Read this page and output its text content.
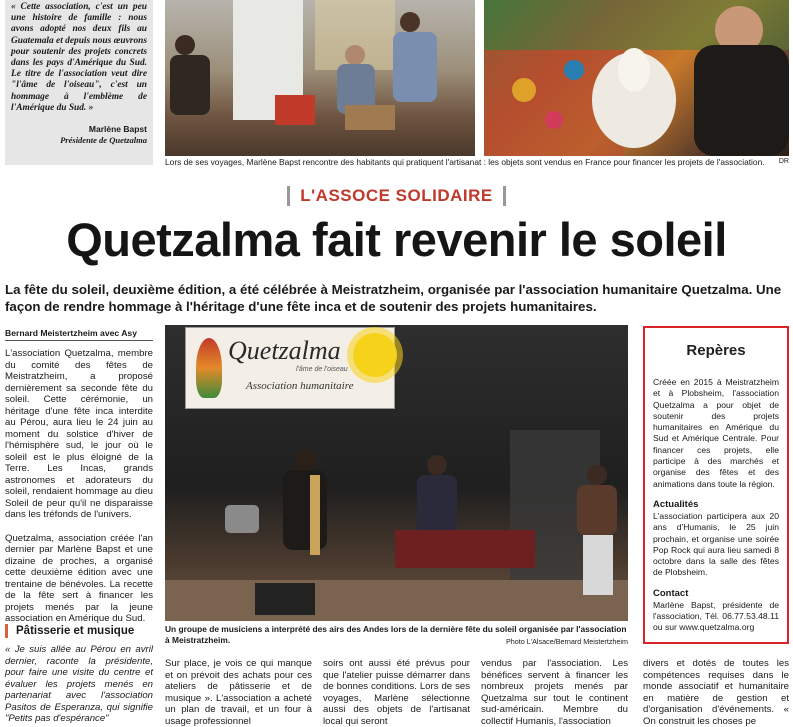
« Cette association, c'est un peu une histoire de famille : nous avons adopté nos deux fils au Guatemala et depuis nous œuvrons pour soutenir des projets concrets dans les pays d'Amérique du Sud. Le titre de l'association veut dire "l'âme de l'oiseau", c'est un hommage à l'emblème de l'Amérique du Sud. »

Marlène Bapst
Présidente de Quetzalma
Lors de ses voyages, Marlène Bapst rencontre des habitants qui pratiquent l'artisanat : les objets sont vendus en France pour financer les projets de l'association. DR
L'ASSOCE SOLIDAIRE
Quetzalma fait revenir le soleil
La fête du soleil, deuxième édition, a été célébrée à Meistratzheim, organisée par l'association humanitaire Quetzalma. Une façon de rendre hommage à l'héritage d'une fête inca et de soutenir des projets humanitaires.
Bernard Meistertzheim avec Asy

L'association Quetzalma, membre du comité des fêtes de Meistratzheim, a proposé dernièrement sa seconde fête du soleil. Cette cérémonie, un héritage d'une fête inca interdite au Pérou, aura lieu le 24 juin au moment du solstice d'hiver de l'hémisphère sud, le jour où le soleil est le plus éloigné de la Terre. Les Incas, grands astronomes et adorateurs du soleil, rendaient hommage au dieu Soleil de peur qu'il ne disparaisse dans les tréfonds de l'univers.

Quetzalma, association créée l'an dernier par Marlène Bapst et une dizaine de proches, a organisé cette deuxième édition avec une trentaine de bénévoles. La recette de la fête sert à financer les projets menés par la jeune association en Amérique du Sud.

Pâtisserie et musique
« Je suis allée au Pérou en avril dernier, raconte la présidente, pour faire une visite du centre et évaluer les projets menés en partenariat avec l'association Pasitos de Esperanza, qui signifie "Petits pas d'espérance"
Quetzalma
l'âme de l'oiseau
Association humanitaire
Un groupe de musiciens a interprété des airs des Andes lors de la dernière fête du soleil organisée par l'association à Meistratzheim.	Photo L'Alsace/Bernard Meistertzheim
Repères

Créée en 2015 à Meistratzheim et à Plobsheim, l'association Quetzalma a pour objet de soutenir des projets humanitaires en Amérique du Sud et Amérique Centrale. Pour financer ces projets, elle participe à des marchés et organise des fêtes et des animations dans toute la région.

Actualités

L'association participera aux 20 ans d'Humanis, le 25 juin prochain, et organise une soirée Pop Rock qui aura lieu samedi 8 octobre dans la salle des fêtes de Plobsheim.

Contact

Marlène Bapst, présidente de l'association, Tél. 06.77.53.48.11 ou sur www.quetzalma.org

Sur place, je vois ce qui manque et on prévoit des achats pour ces ateliers de pâtisserie et de musique ». L'association a acheté un plan de travail, et un four à usage professionnel
soirs ont aussi été prévus pour que l'atelier puisse démarrer dans de bonnes conditions. Lors de ses voyages, Marlène sélectionne aussi des objets de l'artisanat local qui seront
vendus par l'association. Les bénéfices servent à financer les nombreux projets menés par Quetzalma sur tout le continent sud-américain. Membre du collectif Humanis, l'association
divers et dotés de toutes les compétences requises dans le monde associatif et humanitaire en matière de gestion et d'organisation d'événements. « On construit les choses pe
